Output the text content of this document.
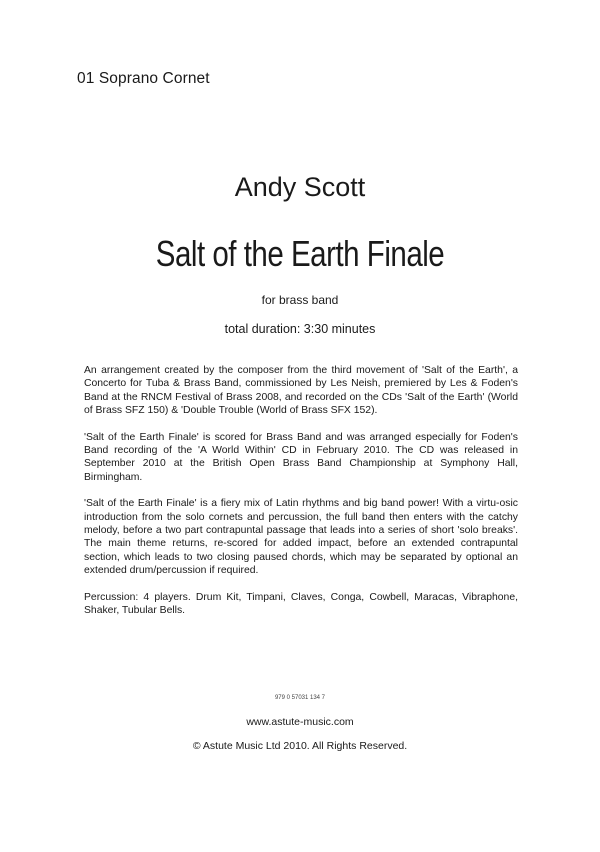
01 Soprano Cornet
Andy Scott
Salt of the Earth Finale
for brass band
total duration: 3:30 minutes

An arrangement created by the composer from the third movement of 'Salt of the Earth', a Concerto for Tuba & Brass Band, commissioned by Les Neish, premiered by Les & Foden's Band at the RNCM Festival of Brass 2008, and recorded on the CDs 'Salt of the Earth' (World of Brass SFZ 150) & 'Double Trouble (World of Brass SFX 152).

'Salt of the Earth Finale' is scored for Brass Band and was arranged especially for Foden's Band recording of the 'A World Within' CD in February 2010. The CD was released in September 2010 at the British Open Brass Band Championship at Symphony Hall, Birmingham.

'Salt of the Earth Finale' is a fiery mix of Latin rhythms and big band power! With a virtu-osic introduction from the solo cornets and percussion, the full band then enters with the catchy melody, before a two part contrapuntal passage that leads into a series of short 'solo breaks'. The main theme returns, re-scored for added impact, before an extended contrapuntal section, which leads to two closing paused chords, which may be separated by optional an extended drum/percussion if required.

Percussion: 4 players. Drum Kit, Timpani, Claves, Conga, Cowbell, Maracas, Vibraphone, Shaker, Tubular Bells.

979 0 57031 134 7
www.astute-music.com
© Astute Music Ltd 2010. All Rights Reserved.
